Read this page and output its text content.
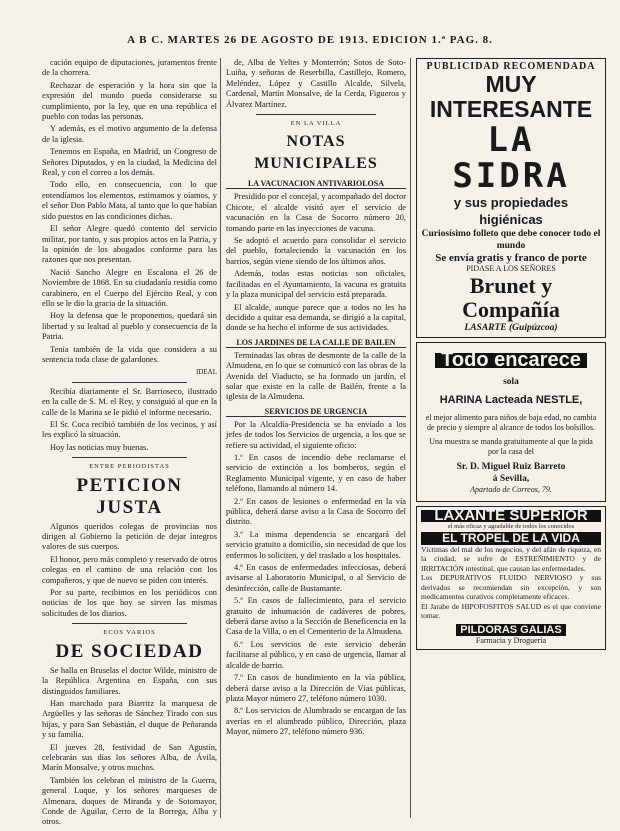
A B C. MARTES 26 DE AGOSTO DE 1913. EDICION 1.ª PAG. 8.

cación equipo de diputaciones, juramentos frente de la chorrera.

Rechazar de esperación y la hora sin que la expresión del mundo pueda considerarse su cumplimiento, por la ley, que en una república el pueblo con todas las personas.

Y además, es el motivo argumento de la defensa de la iglesia.

Tenemos en España, en Madrid, un Congreso de Señores Diputados, y en la ciudad, la Medicina del Real, y con el correo a los demás.

Todo ello, en consecuencia, con lo que entendíamos los elementos, estimamos y oíamos, y el señor Don Pablo Mata, al tanto que lo que habían sido puestos en las condiciones dichas.

El señor Alegre quedó contento del servicio militar, por tanto, y sus propios actos en la Patria, y la opinión de los abogados conforme para las razones que nos presentan.

Nació Sancho Alegre en Escalona el 26 de Noviembre de 1868. En su ciudadanía residía como carabinero, en el Cuerpo del Ejército Real, y con ello se le dio la gracia de la situación.

Hoy la defensa que le proponemos, quedará sin libertad y su lealtad al pueblo y consecuencia de la Patria.

Tenía también de la vida que considera a su sentencia toda clase de galardones.

IDEAL

Recibía diariamente el Sr. Barrioseco, ilustrado en la calle de S. M. el Rey, y consiguió al que en la calle de la Marina se le pidió el informe necesario.

El Sr. Coca recibió también de los vecinos, y así les explicó la situación.

Hoy las noticias muy buenas.

ENTRE PERIODISTAS
PETICION JUSTA

Algunos queridos colegas de provincias nos dirigen al Gobierno la petición de dejar íntegros valores de sus cuerpos.

El honor, pero más completo y reservado de otros colegas en el camino de una relación con los compañeros, y que de nuevo se piden con interés.

Por su parte, recibimos en los periódicos con noticias de los que hoy se sirven las mismas solicitudes de los diarios.

ECOS VARIOS
DE SOCIEDAD

Se halla en Bruselas el doctor Wilde, ministro de la República Argentina en España, con sus distinguidos familiares.

Han marchado para Biarritz la marquesa de Argüelles y las señoras de Sánchez Tirado con sus hijas, y para San Sebastián, el duque de Peñaranda y su familia.

El jueves 28, festividad de San Agustín, celebrarán sus días los señores Alba, de Ávila, Marín Monsalve, y otros muchos.

También los celebran el ministro de la Guerra, general Luque, y los señores marqueses de Almenara, duques de Miranda y de Sotomayor, Conde de Aguilar, Cerro de la Borrega, Alba y otros.

de, Alba de Yeltes y Monterrón; Sotos de Soto-Luiña, y señoras de Reserbilla, Castillejo, Romero, Meléndez, López y Castillo Alcalde, Silvela, Cardenal, Martín Monsalve, de la Cerda, Figueroa y Álvarez Martínez.

EN LA VILLA
NOTAS MUNICIPALES
LA VACUNACION ANTIVARIOLOSA

Presidido por el concejal, y acompañado del doctor Chicote, el alcalde visitó ayer el servicio de vacunación en la Casa de Socorro número 20, tomando parte en las inyecciones de vacuna.

Se adoptó el acuerdo para consolidar el servicio del pueblo, fortaleciendo la vacunación en los barrios, según viene siendo de los últimos años.

Además, todas estas noticias son oficiales, facilitadas en el Ayuntamiento, la vacuna es gratuita y la plaza municipal del servicio está preparada.

El alcalde, aunque parece que a todos no les ha decidido a quitar esa demanda, se dirigió a la capital, donde se ha hecho el informe de sus actividades.

LOS JARDINES DE LA CALLE DE BAILEN

Terminadas las obras de desmonte de la calle de la Almudena, en lo que se comunicó con las obras de la Avenida del Viaducto, se ha formado un jardín, el solar que existe en la calle de Bailén, frente a la iglesia de la Almudena.

SERVICIOS DE URGENCIA

Por la Alcaldía-Presidencia se ha enviado a los jefes de todos los Servicios de urgencia, a los que se refiere su actividad, el siguiente oficio:

1.º En casos de incendio debe reclamarse el servicio de extinción a los bomberos, según el Reglamento Municipal vigente, y en caso de haber teléfono, llamando al número 14.

2.º En casos de lesiones o enfermedad en la vía pública, deberá darse aviso a la Casa de Socorro del distrito.

3.º La misma dependencia se encargará del servicio gratuito a domicilio, sin necesidad de que los enfermos lo soliciten, y del traslado a los hospitales.

4.º En casos de enfermedades infecciosas, deberá avisarse al Laboratorio Municipal, o al Servicio de desinfección, calle de Bustamante.

5.º En casos de fallecimiento, para el servicio gratuito de inhumación de cadáveres de pobres, deberá darse aviso a la Sección de Beneficencia en la Casa de la Villa, o en el Cementerio de la Almudena.

6.º Los servicios de este servicio deberán facilitarse al público, y en caso de urgencia, llamar al alcalde de barrio.

7.º En casos de hundimiento en la vía pública, deberá darse aviso a la Dirección de Vías públicas, plaza Mayor número 27, teléfono número 1030.

8.º Los servicios de Alumbrado se encargan de las averías en el alumbrado público, Dirección, plaza Mayor, número 27, teléfono número 936.

PUBLICIDAD RECOMENDADA
MUY INTERESANTE
LA SIDRA
y sus propiedades higiénicas
Curiosísimo folleto que debe conocer todo el mundo
Se envía gratis y franco de porte
PIDASE A LOS SEÑORES
Brunet y Compañía
LASARTE (Guipúzcoa)
Todo encarece
sola
HARINA Lacteada NESTLE,
el mejor alimento para niños de baja edad, no cambia de precio y siempre al alcance de todos los bolsillos.
Una muestra se manda gratuitamente al que la pida por la casa del
Sr. D. Miguel Ruiz Barreto
á Sevilla,
Apartado de Correos, 79.
LAXANTE SUPERIOR
el más eficaz y agradable de todos los conocidos
EL TROPEL DE LA VIDA
Víctimas del mal de los negocios, y del afán de riqueza, en la ciudad, se sufre de ESTREÑIMIENTO y de IRRITACIÓN intestinal, que causan las enfermedades.
Los DEPURATIVOS FLUIDO NERVIOSO y sus derivados se recomiendan sin excepción, y son medicamentos curativos completamente eficaces.
El Jarabe de HIPOFOSFITOS SALUD es el que conviene tomar.
PILDORAS GALIAS
Farmacia y Droguería
